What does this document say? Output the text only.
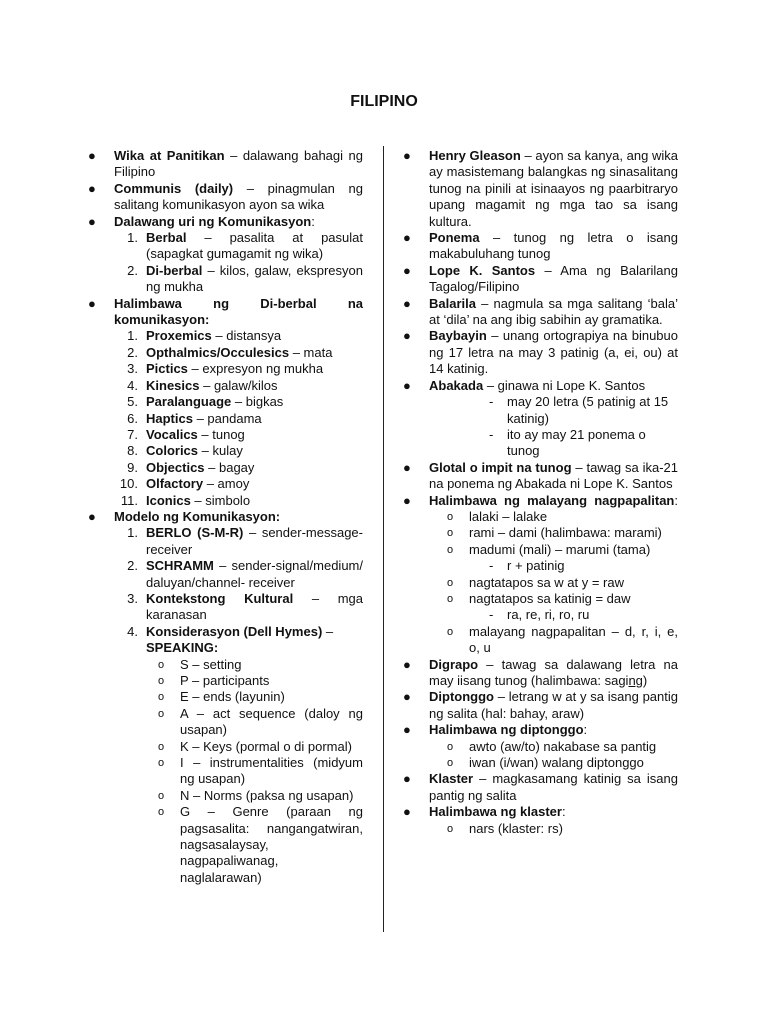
FILIPINO
●	Wika at Panitikan – dalawang bahagi ng Filipino
●	Communis (daily) – pinagmulan ng salitang komunikasyon ayon sa wika
●	Dalawang uri ng Komunikasyon:
1. Berbal – pasalita at pasulat (sapagkat gumagamit ng wika)
2. Di-berbal – kilos, galaw, ekspresyon ng mukha
●	Halimbawa ng Di-berbal na komunikasyon:
1. Proxemics – distansya
2. Opthalmics/Occulesics – mata
3. Pictics – expresyon ng mukha
4. Kinesics – galaw/kilos
5. Paralanguage – bigkas
6. Haptics – pandama
7. Vocalics – tunog
8. Colorics – kulay
9. Objectics – bagay
10. Olfactory – amoy
11. Iconics – simbolo
●	Modelo ng Komunikasyon:
1. BERLO (S-M-R) – sender-message-receiver
2. SCHRAMM – sender-signal/medium/daluyan/channel- receiver
3. Kontekstong Kultural – mga karanasan
4. Konsiderasyon (Dell Hymes) –
SPEAKING:
o	S – setting
o	P – participants
o	E – ends (layunin)
o	A – act sequence (daloy ng usapan)
o	K – Keys (pormal o di pormal)
o	I – instrumentalities (midyum ng usapan)
o	N – Norms (paksa ng usapan)
o	G – Genre (paraan ng pagsasalita: nangangatwiran, nagsasalaysay, nagpapaliwanag, naglalarawan)
●	Henry Gleason – ayon sa kanya, ang wika ay masistemang balangkas ng sinasalitang tunog na pinili at isinaayos ng paarbitraryo upang magamit ng mga tao sa isang kultura.
●	Ponema – tunog ng letra o isang makabuluhang tunog
●	Lope K. Santos – Ama ng Balarilang Tagalog/Filipino
●	Balarila – nagmula sa mga salitang ‘bala’ at ‘dila’ na ang ibig sabihin ay gramatika.
●	Baybayin – unang ortograpiya na binubuo ng 17 letra na may 3 patinig (a, ei, ou) at 14 katinig.
●	Abakada – ginawa ni Lope K. Santos
-	may 20 letra (5 patinig at 15 katinig)
-	ito ay may 21 ponema o tunog
●	Glotal o impit na tunog – tawag sa ika-21 na ponema ng Abakada ni Lope K. Santos
●	Halimbawa ng malayang nagpapalitan:
o	lalaki – lalake
o	rami – dami (halimbawa: marami)
o	madumi (mali) – marumi (tama)
-	r + patinig
o	nagtatapos sa w at y = raw
o	nagtatapos sa katinig = daw
-	ra, re, ri, ro, ru
o	malayang nagpapalitan – d, r, i, e, o, u
●	Digrapo – tawag sa dalawang letra na may iisang tunog (halimbawa: saging)
●	Diptonggo – letrang w at y sa isang pantig ng salita (hal: bahay, araw)
●	Halimbawa ng diptonggo:
o	awto (aw/to) nakabase sa pantig
o	iwan (i/wan) walang diptonggo
●	Klaster – magkasamang katinig sa isang pantig ng salita
●	Halimbawa ng klaster:
o	nars (klaster: rs)
